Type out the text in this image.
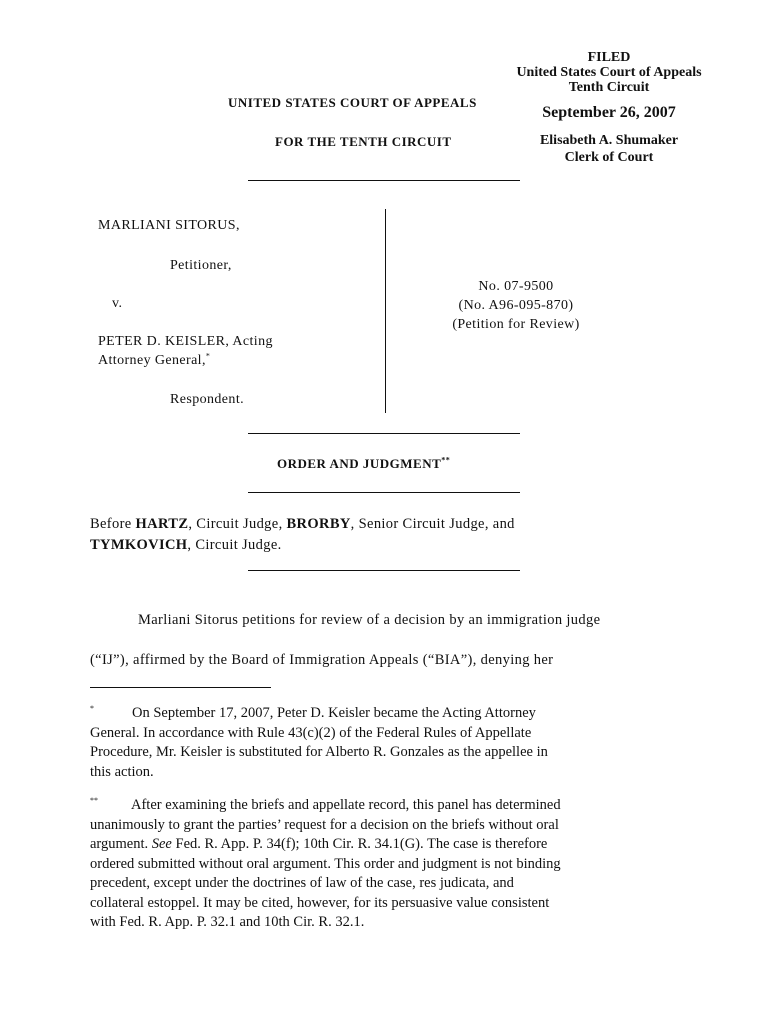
FILED
United States Court of Appeals
Tenth Circuit
September 26, 2007
Elisabeth A. Shumaker
Clerk of Court
UNITED STATES COURT OF APPEALS
FOR THE TENTH CIRCUIT
MARLIANI SITORUS,
Petitioner,
v.
PETER D. KEISLER, Acting
Attorney General,*
Respondent.
No. 07-9500
(No. A96-095-870)
(Petition for Review)
ORDER AND JUDGMENT**
Before HARTZ, Circuit Judge, BRORBY, Senior Circuit Judge, and
TYMKOVICH, Circuit Judge.
Marliani Sitorus petitions for review of a decision by an immigration judge
(“IJ”), affirmed by the Board of Immigration Appeals (“BIA”), denying her
*	On September 17, 2007, Peter D. Keisler became the Acting Attorney
General. In accordance with Rule 43(c)(2) of the Federal Rules of Appellate
Procedure, Mr. Keisler is substituted for Alberto R. Gonzales as the appellee in
this action.
** After examining the briefs and appellate record, this panel has determined
unanimously to grant the parties’ request for a decision on the briefs without oral
argument. See Fed. R. App. P. 34(f); 10th Cir. R. 34.1(G). The case is therefore
ordered submitted without oral argument. This order and judgment is not binding
precedent, except under the doctrines of law of the case, res judicata, and
collateral estoppel. It may be cited, however, for its persuasive value consistent
with Fed. R. App. P. 32.1 and 10th Cir. R. 32.1.
